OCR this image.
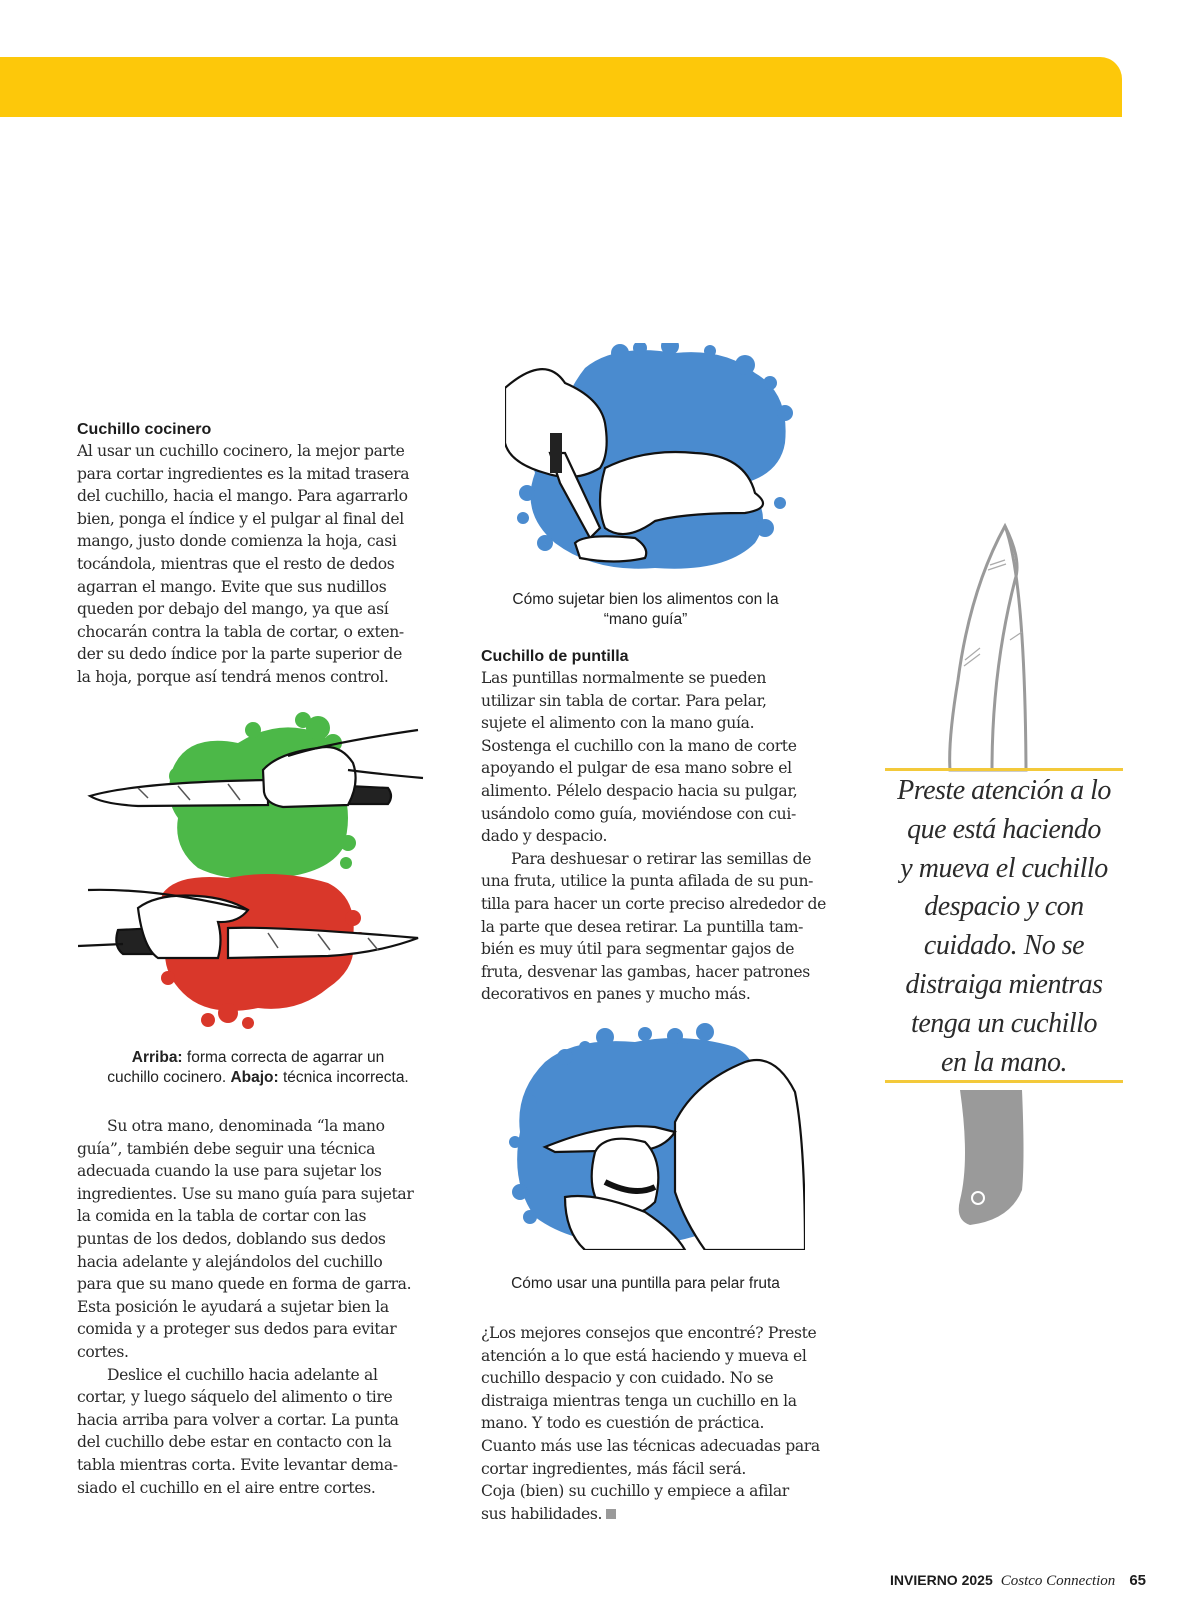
Cuchillo cocinero
Al usar un cuchillo cocinero, la mejor parte
para cortar ingredientes es la mitad trasera
del cuchillo, hacia el mango. Para agarrarlo
bien, ponga el índice y el pulgar al final del
mango, justo donde comienza la hoja, casi
tocándola, mientras que el resto de dedos
agarran el mango. Evite que sus nudillos
queden por debajo del mango, ya que así
chocarán contra la tabla de cortar, o exten-
der su dedo índice por la parte superior de
la hoja, porque así tendrá menos control.
Arriba: forma correcta de agarrar un
cuchillo cocinero. Abajo: técnica incorrecta.
Su otra mano, denominada “la mano
guía”, también debe seguir una técnica
adecuada cuando la use para sujetar los
ingredientes. Use su mano guía para sujetar
la comida en la tabla de cortar con las
puntas de los dedos, doblando sus dedos
hacia adelante y alejándolos del cuchillo
para que su mano quede en forma de garra.
Esta posición le ayudará a sujetar bien la
comida y a proteger sus dedos para evitar
cortes.
Deslice el cuchillo hacia adelante al
cortar, y luego sáquelo del alimento o tire
hacia arriba para volver a cortar. La punta
del cuchillo debe estar en contacto con la
tabla mientras corta. Evite levantar dema-
siado el cuchillo en el aire entre cortes.
Cómo sujetar bien los alimentos con la
“mano guía”
Cuchillo de puntilla
Las puntillas normalmente se pueden
utilizar sin tabla de cortar. Para pelar,
sujete el alimento con la mano guía.
Sostenga el cuchillo con la mano de corte
apoyando el pulgar de esa mano sobre el
alimento. Pélelo despacio hacia su pulgar,
usándolo como guía, moviéndose con cui-
dado y despacio.
Para deshuesar o retirar las semillas de
una fruta, utilice la punta afilada de su pun-
tilla para hacer un corte preciso alrededor de
la parte que desea retirar. La puntilla tam-
bién es muy útil para segmentar gajos de
fruta, desvenar las gambas, hacer patrones
decorativos en panes y mucho más.
Cómo usar una puntilla para pelar fruta
¿Los mejores consejos que encontré? Preste
atención a lo que está haciendo y mueva el
cuchillo despacio y con cuidado. No se
distraiga mientras tenga un cuchillo en la
mano. Y todo es cuestión de práctica.
Cuanto más use las técnicas adecuadas para
cortar ingredientes, más fácil será.
Coja (bien) su cuchillo y empiece a afilar
sus habilidades.
Preste atención a lo
que está haciendo
y mueva el cuchillo
despacio y con
cuidado. No se
distraiga mientras
tenga un cuchillo
en la mano.
INVIERNO 2025 Costco Connection 65
